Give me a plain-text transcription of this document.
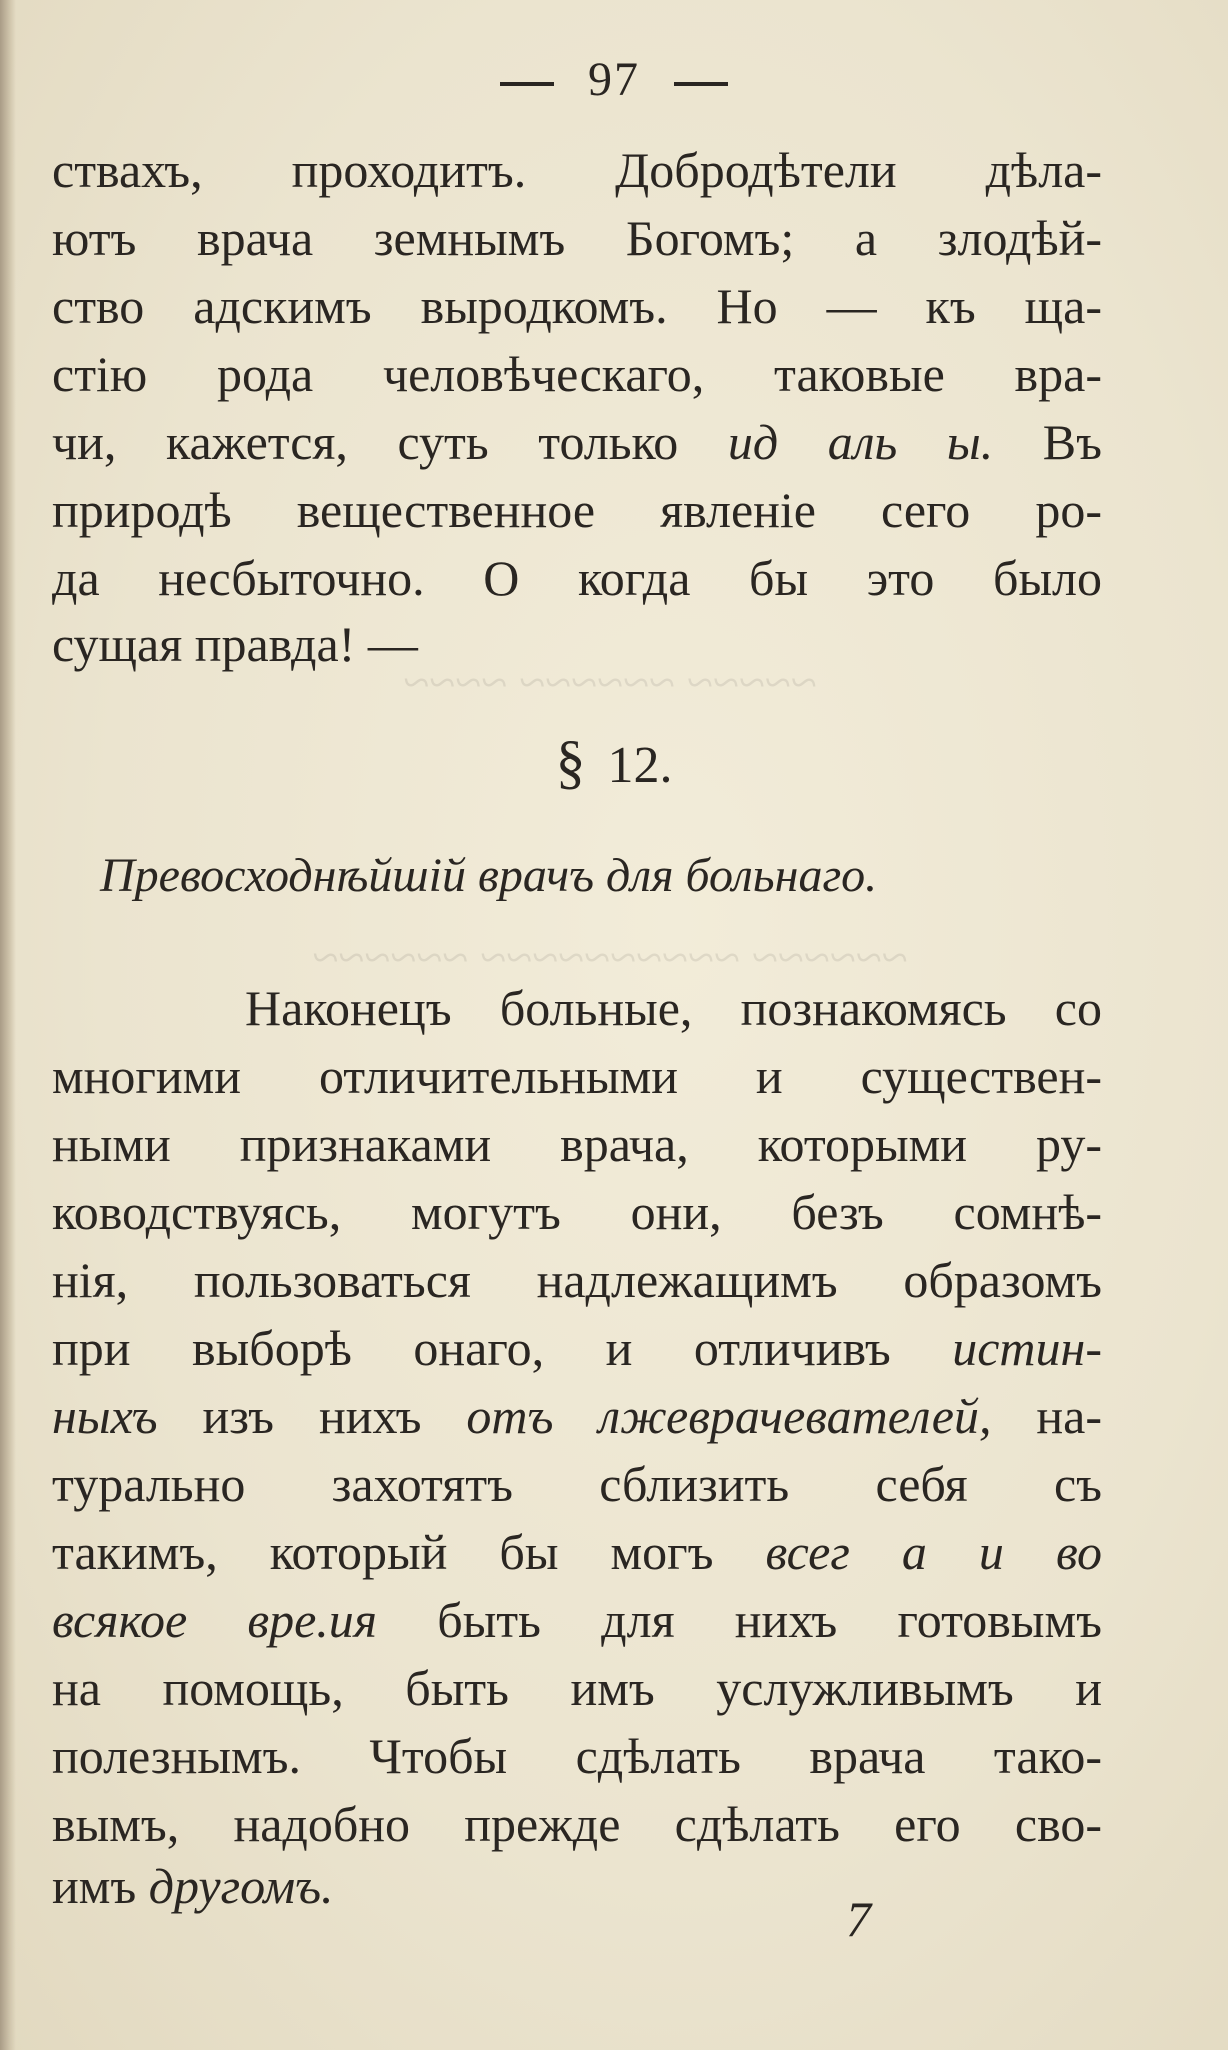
~~~~~ ~~~~~~ ~~~~
~~~~~~ ~~~~~~~~~~ ~~~~~~
97
ствахъ, проходитъ. Добродѣтели дѣла-
ютъ врача земнымъ Богомъ; а злодѣй-
ство адскимъ выродкомъ. Но — къ ща-
стію рода человѣческаго, таковые вра-
чи, кажется, суть только ид аль ы. Въ
природѣ вещественное явленіе сего ро-
да несбыточно. О когда бы это было
сущая правда! —
§ 12.
Превосходнѣйшій врачъ для больнаго.
Наконецъ больные, познакомясь со
многими отличительными и существен-
ными признаками врача, которыми ру-
ководствуясь, могутъ они, безъ сомнѣ-
нія, пользоваться надлежащимъ образомъ
при выборѣ онаго, и отличивъ истин-
ныхъ изъ нихъ отъ лжеврачевателей, на-
турально захотятъ сблизить себя съ
такимъ, который бы могъ всег а и во
всякое вре.ия быть для нихъ готовымъ
на помощь, быть имъ услужливымъ и
полезнымъ. Чтобы сдѣлать врача тако-
вымъ, надобно прежде сдѣлать его сво-
имъ другомъ.
7
